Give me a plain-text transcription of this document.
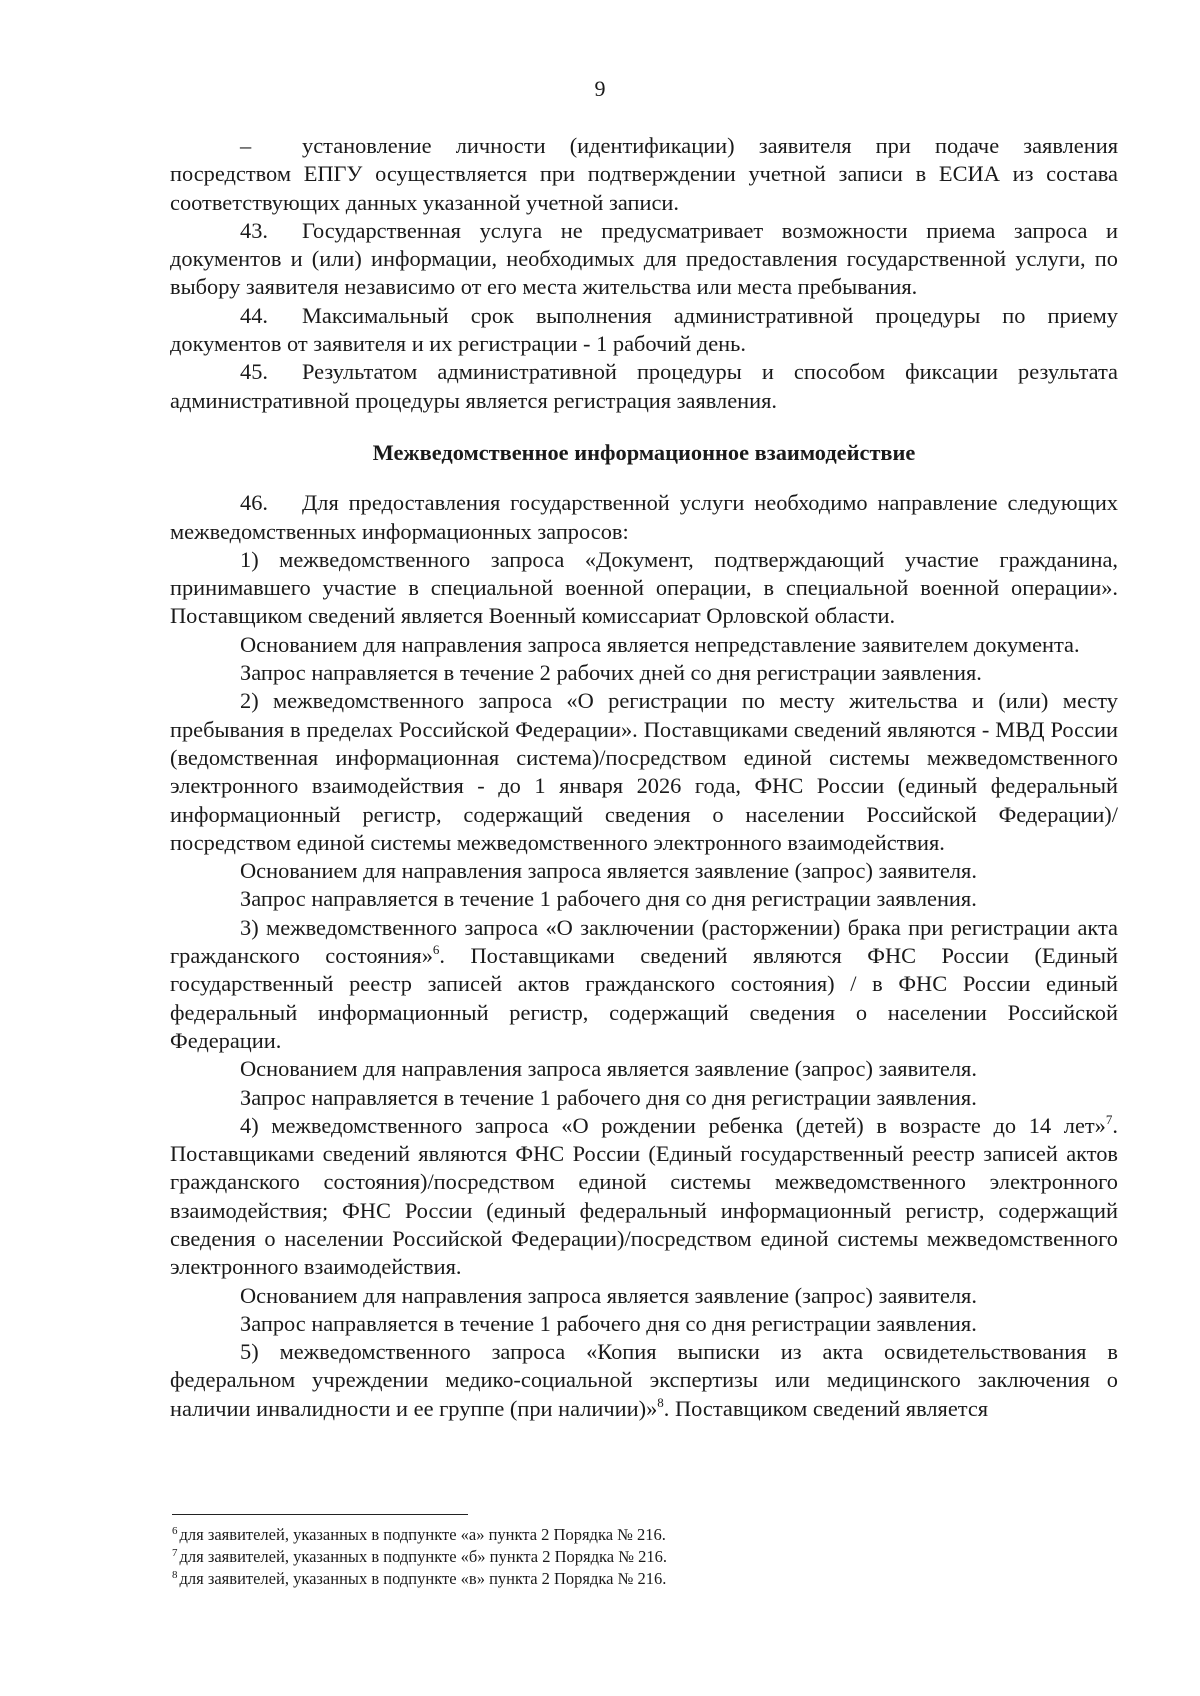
9

– установление личности (идентификации) заявителя при подаче заявления посредством ЕПГУ осуществляется при подтверждении учетной записи в ЕСИА из состава соответствующих данных указанной учетной записи.

43. Государственная услуга не предусматривает возможности приема запроса и документов и (или) информации, необходимых для предоставления государственной услуги, по выбору заявителя независимо от его места жительства или места пребывания.

44. Максимальный срок выполнения административной процедуры по приему документов от заявителя и их регистрации - 1 рабочий день.

45. Результатом административной процедуры и способом фиксации результата административной процедуры является регистрация заявления.

Межведомственное информационное взаимодействие

46. Для предоставления государственной услуги необходимо направление следующих межведомственных информационных запросов:

1) межведомственного запроса «Документ, подтверждающий участие гражданина, принимавшего участие в специальной военной операции, в специальной военной операции». Поставщиком сведений является Военный комиссариат Орловской области.

Основанием для направления запроса является непредставление заявителем документа.

Запрос направляется в течение 2 рабочих дней со дня регистрации заявления.

2) межведомственного запроса «О регистрации по месту жительства и (или) месту пребывания в пределах Российской Федерации». Поставщиками сведений являются - МВД России (ведомственная информационная система)/посредством единой системы межведомственного электронного взаимодействия - до 1 января 2026 года, ФНС России (единый федеральный информационный регистр, содержащий сведения о населении Российской Федерации)/посредством единой системы межведомственного электронного взаимодействия.

Основанием для направления запроса является заявление (запрос) заявителя.

Запрос направляется в течение 1 рабочего дня со дня регистрации заявления.

3) межведомственного запроса «О заключении (расторжении) брака при регистрации акта гражданского состояния»$^6$. Поставщиками сведений являются ФНС России (Единый государственный реестр записей актов гражданского состояния) / в ФНС России единый федеральный информационный регистр, содержащий сведения о населении Российской Федерации.

Основанием для направления запроса является заявление (запрос) заявителя.

Запрос направляется в течение 1 рабочего дня со дня регистрации заявления.

4) межведомственного запроса «О рождении ребенка (детей) в возрасте до 14 лет»$^7$. Поставщиками сведений являются ФНС России (Единый государственный реестр записей актов гражданского состояния)/посредством единой системы межведомственного электронного взаимодействия; ФНС России (единый федеральный информационный регистр, содержащий сведения о населении Российской Федерации)/посредством единой системы межведомственного электронного взаимодействия.

Основанием для направления запроса является заявление (запрос) заявителя.

Запрос направляется в течение 1 рабочего дня со дня регистрации заявления.

5) межведомственного запроса «Копия выписки из акта освидетельствования в федеральном учреждении медико-социальной экспертизы или медицинского заключения о наличии инвалидности и ее группе (при наличии)»$^8$. Поставщиком сведений является

$^6$ для заявителей, указанных в подпункте «а» пункта 2 Порядка № 216.
$^7$ для заявителей, указанных в подпункте «б» пункта 2 Порядка № 216.
$^8$ для заявителей, указанных в подпункте «в» пункта 2 Порядка № 216.
